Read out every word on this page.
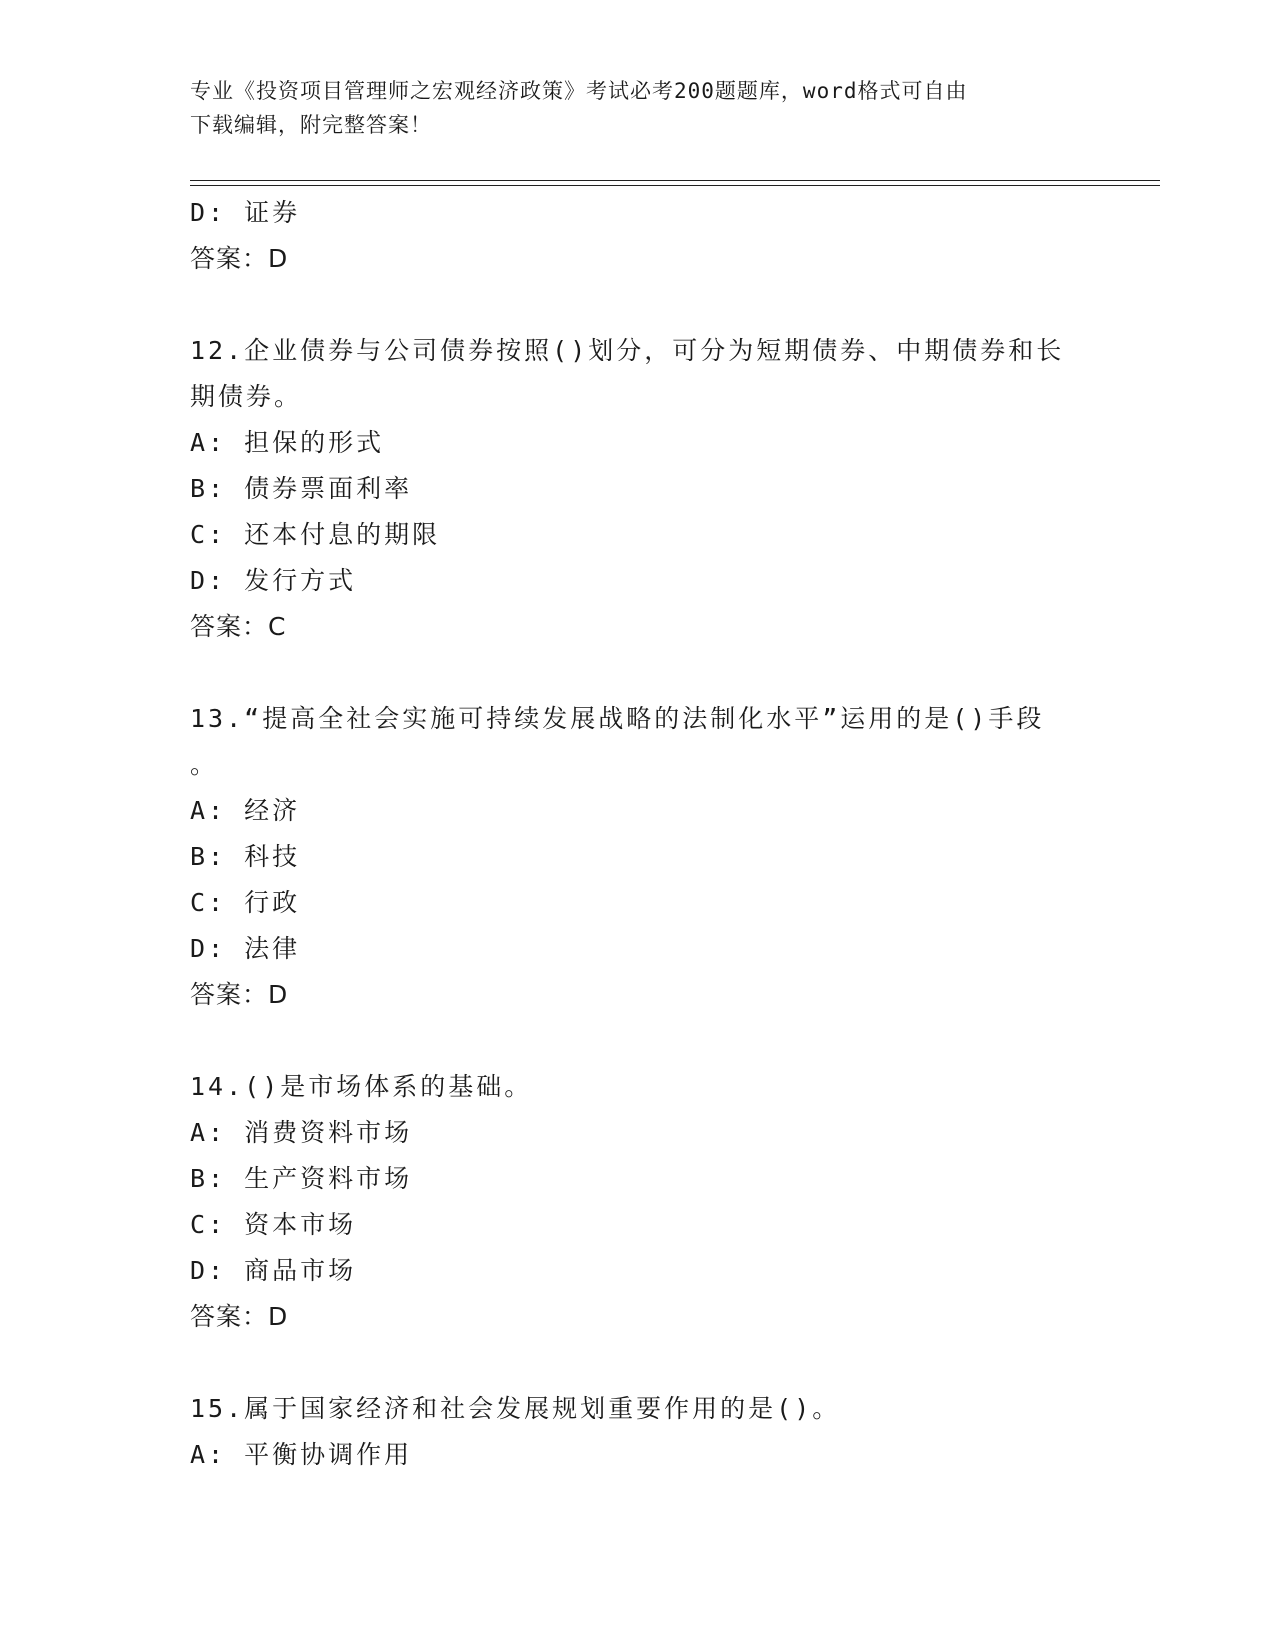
专业《投资项目管理师之宏观经济政策》考试必考200题题库，word格式可自由
下载编辑，附完整答案！
D: 证券
答案：D
12.企业债券与公司债券按照()划分，可分为短期债券、中期债券和长
期债券。
A: 担保的形式
B: 债券票面利率
C: 还本付息的期限
D: 发行方式
答案：C
13.“提高全社会实施可持续发展战略的法制化水平”运用的是()手段
。
A: 经济
B: 科技
C: 行政
D: 法律
答案：D
14.()是市场体系的基础。
A: 消费资料市场
B: 生产资料市场
C: 资本市场
D: 商品市场
答案：D
15.属于国家经济和社会发展规划重要作用的是()。
A: 平衡协调作用
